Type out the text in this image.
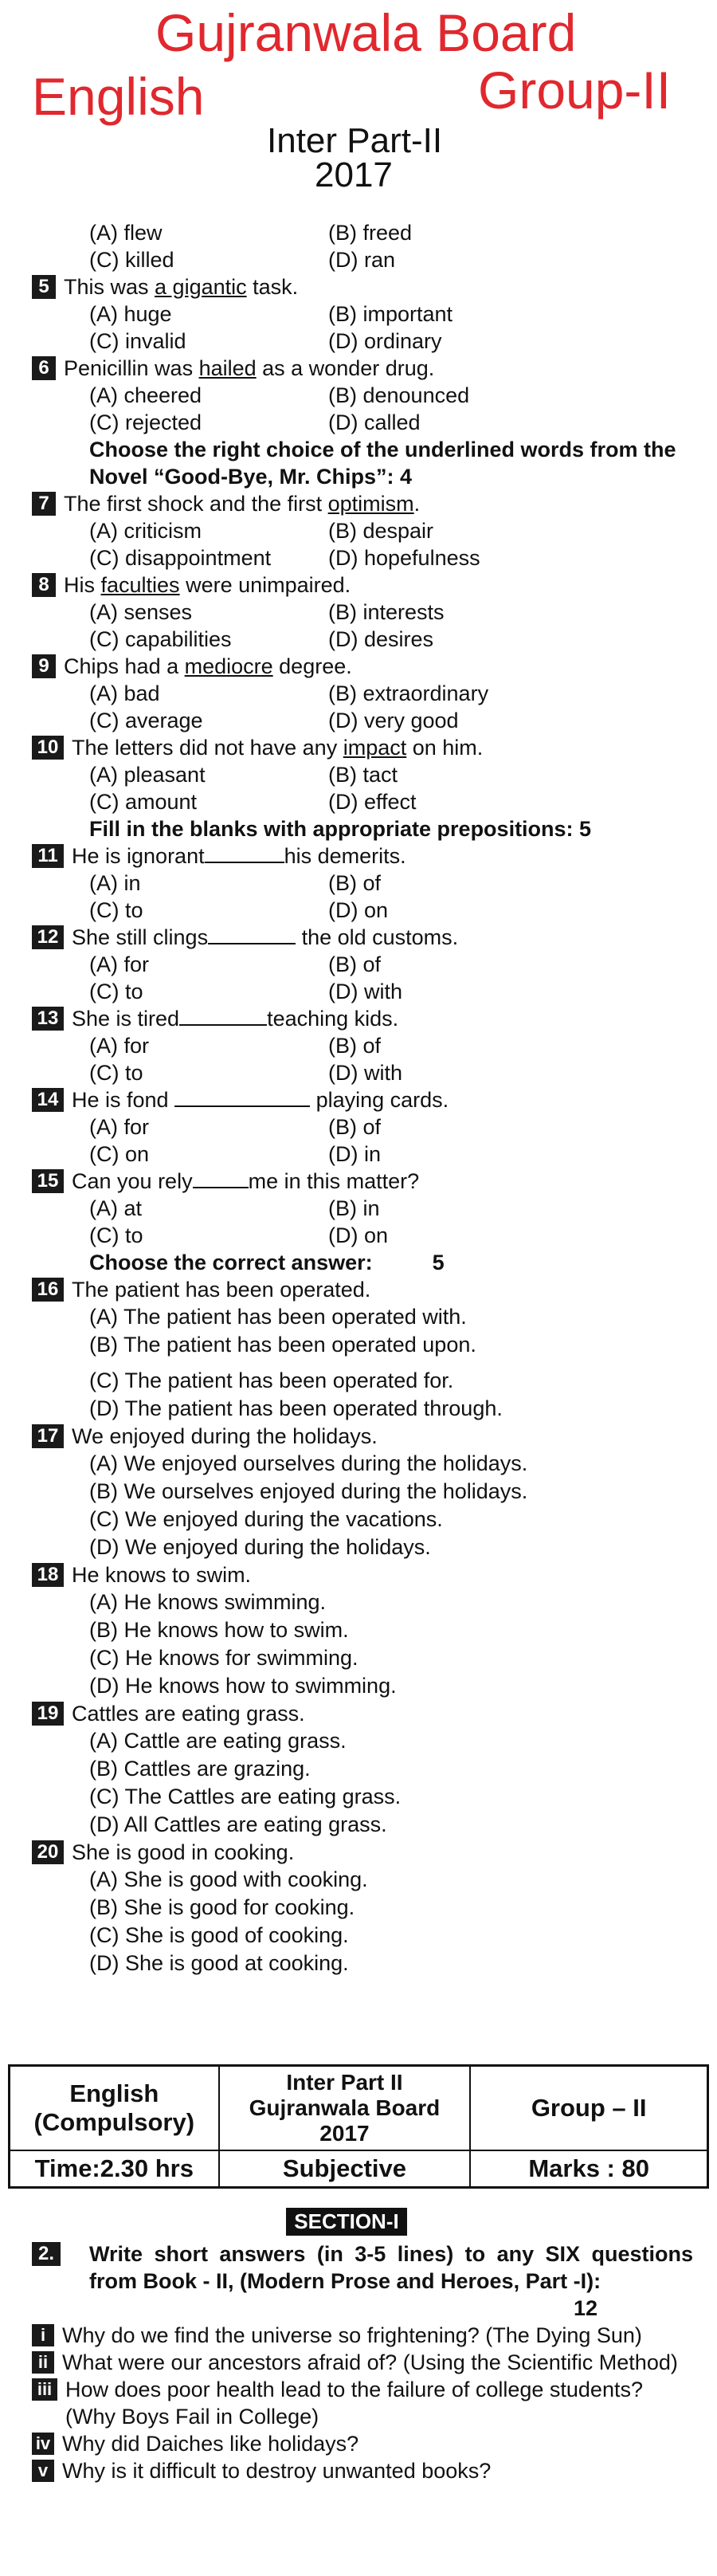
Gujranwala Board
English	Group-II
Inter Part-II
2017
(A) flew	(B) freed
(C) killed	(D) ran
5 This was a gigantic task.
(A) huge	(B) important
(C) invalid	(D) ordinary
6 Penicillin was hailed as a wonder drug.
(A) cheered	(B) denounced
(C) rejected	(D) called
Choose the right choice of the underlined words from the Novel “Good-Bye, Mr. Chips”: 4
7 The first shock and the first optimism.
(A) criticism	(B) despair
(C) disappointment	(D) hopefulness
8 His faculties were unimpaired.
(A) senses	(B) interests
(C) capabilities	(D) desires
9 Chips had a mediocre degree.
(A) bad	(B) extraordinary
(C) average	(D) very good
10 The letters did not have any impact on him.
(A) pleasant	(B) tact
(C) amount	(D) effect
Fill in the blanks with appropriate prepositions: 5
11 He is ignorant	his demerits.
(A) in	(B) of
(C) to	(D) on
12 She still clings	the old customs.
(A) for	(B) of
(C) to	(D) with
13 She is tired	teaching kids.
(A) for	(B) of
(C) to	(D) with
14 He is fond	playing cards.
(A) for	(B) of
(C) on	(D) in
15 Can you rely	me in this matter?
(A) at	(B) in
(C) to	(D) on
Choose the correct answer:          5
16 The patient has been operated.
(A) The patient has been operated with.
(B) The patient has been operated upon.
(C) The patient has been operated for.
(D) The patient has been operated through.
17 We enjoyed during the holidays.
(A) We enjoyed ourselves during the holidays.
(B) We ourselves enjoyed during the holidays.
(C) We enjoyed during the vacations.
(D) We enjoyed during the holidays.
18 He knows to swim.
(A) He knows swimming.
(B) He knows how to swim.
(C) He knows for swimming.
(D) He knows how to swimming.
19 Cattles are eating grass.
(A) Cattle are eating grass.
(B) Cattles are grazing.
(C) The Cattles are eating grass.
(D) All Cattles are eating grass.
20 She is good in cooking.
(A) She is good with cooking.
(B) She is good for cooking.
(C) She is good of cooking.
(D) She is good at cooking.
English (Compulsory)	Inter Part II Gujranwala Board 2017	Group – II
Time:2.30 hrs	Subjective	Marks : 80
SECTION-I
2. Write short answers (in 3-5 lines) to any SIX questions from Book - II, (Modern Prose and Heroes, Part -I):
12
i Why do we find the universe so frightening? (The Dying Sun)
ii What were our ancestors afraid of? (Using the Scientific Method)
iii How does poor health lead to the failure of college students? (Why Boys Fail in College)
iv Why did Daiches like holidays?
v Why is it difficult to destroy unwanted books?
